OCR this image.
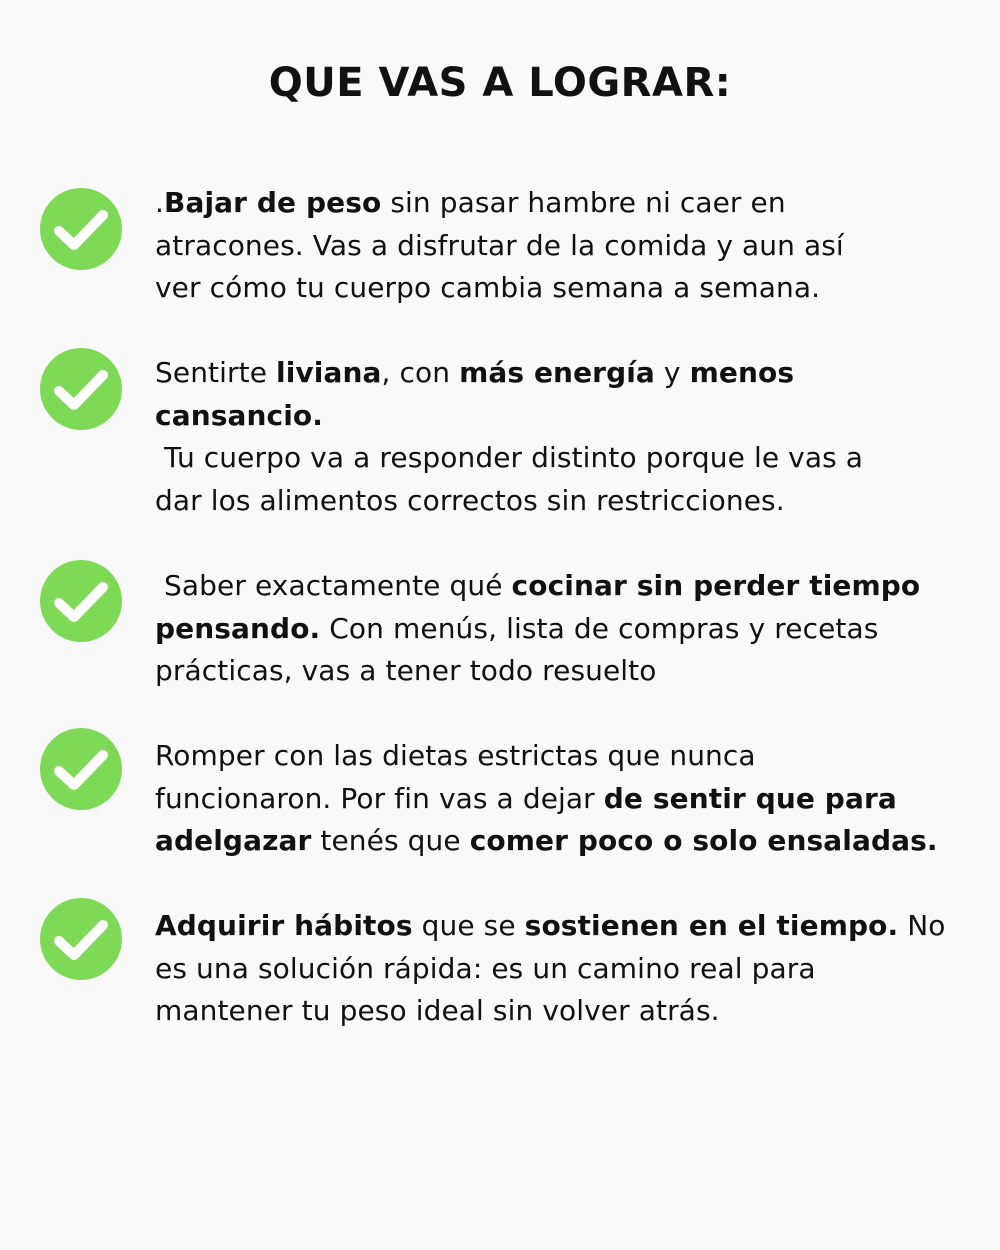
QUE VAS A LOGRAR:

.Bajar de peso sin pasar hambre ni caer en
atracones. Vas a disfrutar de la comida y aun así
ver cómo tu cuerpo cambia semana a semana.

Sentirte liviana, con más energía y menos
cansancio.
Tu cuerpo va a responder distinto porque le vas a
dar los alimentos correctos sin restricciones.

Saber exactamente qué cocinar sin perder tiempo
pensando. Con menús, lista de compras y recetas
prácticas, vas a tener todo resuelto

Romper con las dietas estrictas que nunca
funcionaron. Por fin vas a dejar de sentir que para
adelgazar tenés que comer poco o solo ensaladas.

Adquirir hábitos que se sostienen en el tiempo. No
es una solución rápida: es un camino real para
mantener tu peso ideal sin volver atrás.
